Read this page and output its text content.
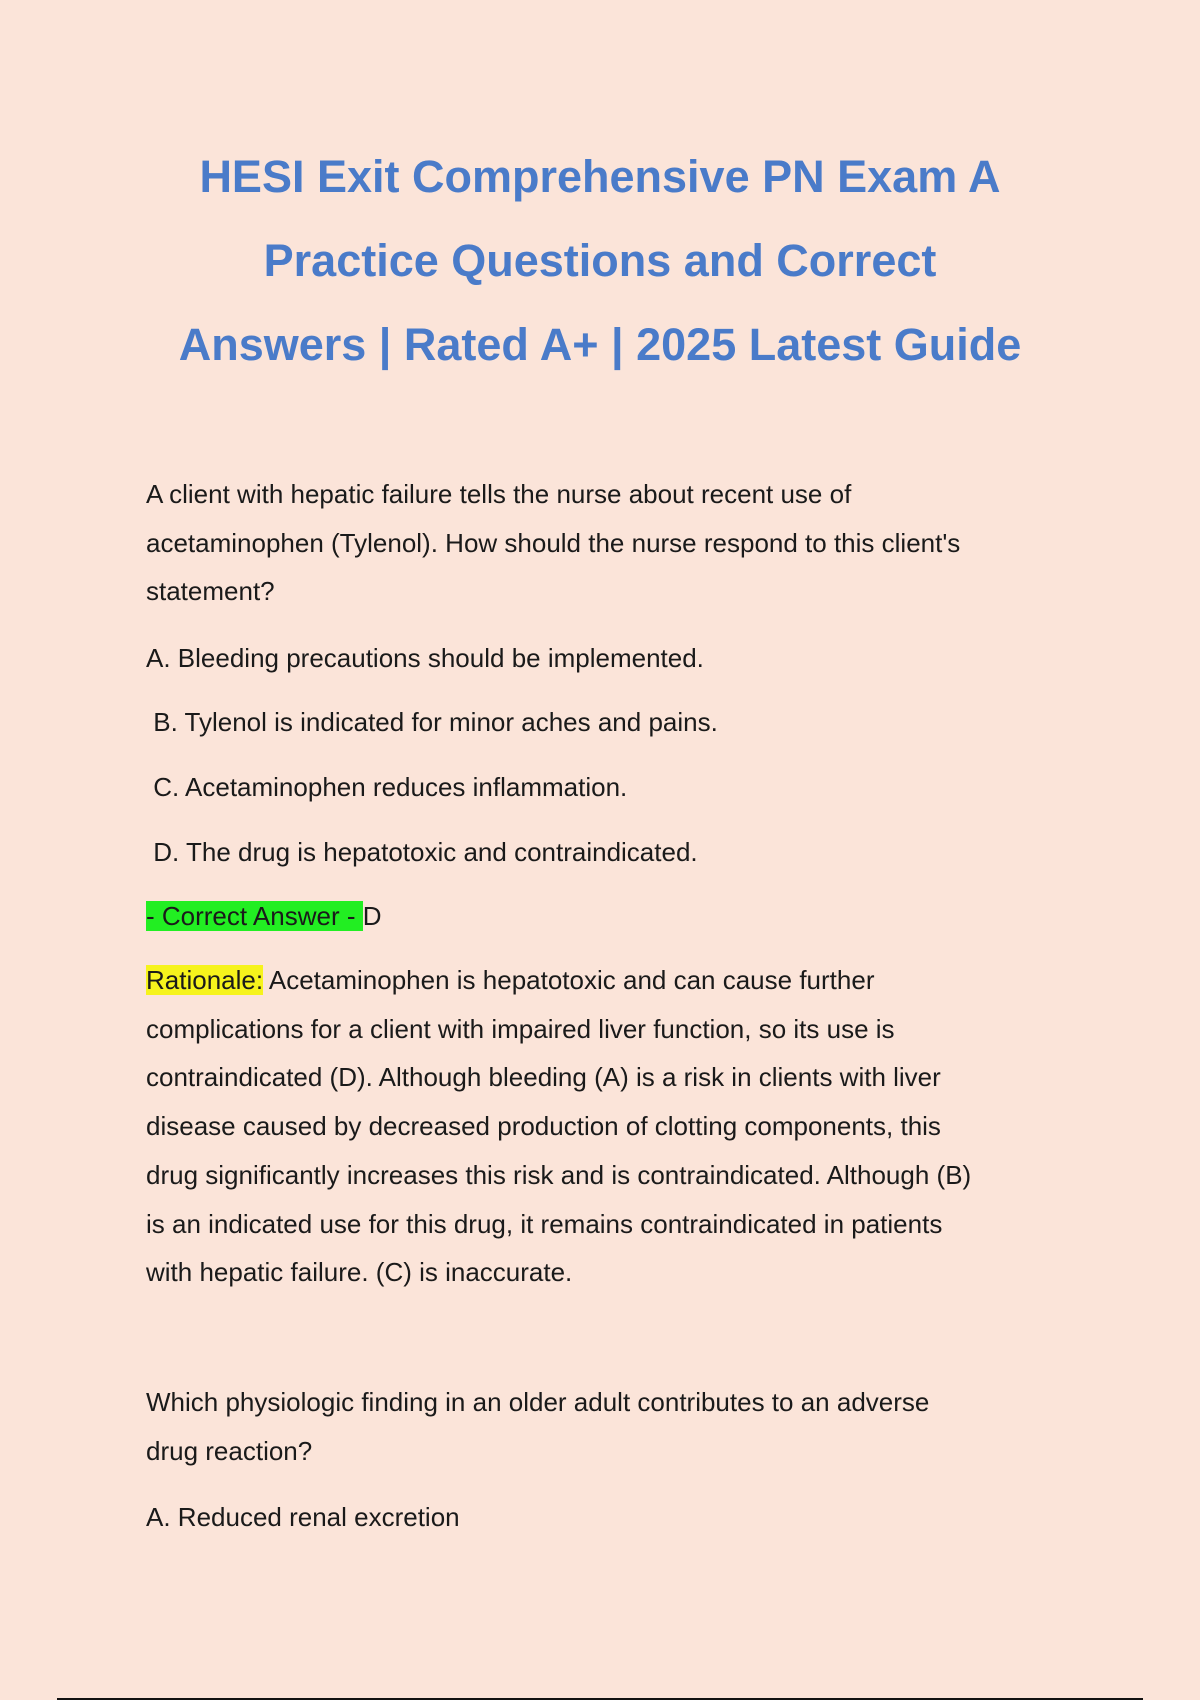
HESI Exit Comprehensive PN Exam A
Practice Questions and Correct
Answers | Rated A+ | 2025 Latest Guide

A client with hepatic failure tells the nurse about recent use of
acetaminophen (Tylenol). How should the nurse respond to this client's
statement?

A. Bleeding precautions should be implemented.

B. Tylenol is indicated for minor aches and pains.

C. Acetaminophen reduces inflammation.

D. The drug is hepatotoxic and contraindicated.

- Correct Answer - D

Rationale: Acetaminophen is hepatotoxic and can cause further
complications for a client with impaired liver function, so its use is
contraindicated (D). Although bleeding (A) is a risk in clients with liver
disease caused by decreased production of clotting components, this
drug significantly increases this risk and is contraindicated. Although (B)
is an indicated use for this drug, it remains contraindicated in patients
with hepatic failure. (C) is inaccurate.

Which physiologic finding in an older adult contributes to an adverse
drug reaction?

A. Reduced renal excretion
